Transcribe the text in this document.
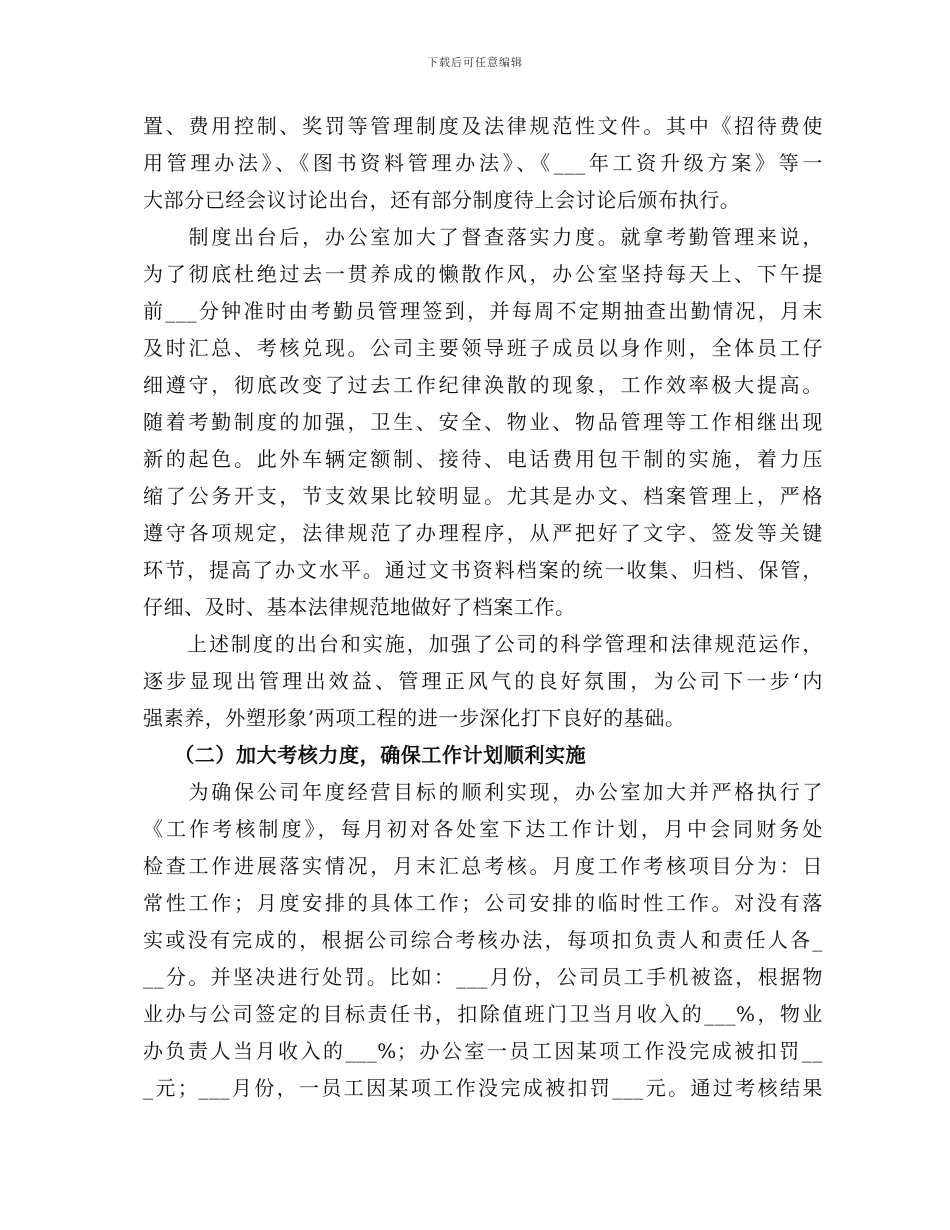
下载后可任意编辑
置、费用控制、奖罚等管理制度及法律规范性文件。其中《招待费使
用管理办法》、《图书资料管理办法》、《___年工资升级方案》等一
大部分已经会议讨论出台，还有部分制度待上会讨论后颁布执行。
　　制度出台后，办公室加大了督查落实力度。就拿考勤管理来说，
为了彻底杜绝过去一贯养成的懒散作风，办公室坚持每天上、下午提
前___分钟准时由考勤员管理签到，并每周不定期抽查出勤情况，月末
及时汇总、考核兑现。公司主要领导班子成员以身作则，全体员工仔
细遵守，彻底改变了过去工作纪律涣散的现象，工作效率极大提高。
随着考勤制度的加强，卫生、安全、物业、物品管理等工作相继出现
新的起色。此外车辆定额制、接待、电话费用包干制的实施，着力压
缩了公务开支，节支效果比较明显。尤其是办文、档案管理上，严格
遵守各项规定，法律规范了办理程序，从严把好了文字、签发等关键
环节，提高了办文水平。通过文书资料档案的统一收集、归档、保管，
仔细、及时、基本法律规范地做好了档案工作。
　　上述制度的出台和实施，加强了公司的科学管理和法律规范运作，
逐步显现出管理出效益、管理正风气的良好氛围，为公司下一步‘内
强素养，外塑形象’两项工程的进一步深化打下良好的基础。
　　（二）加大考核力度，确保工作计划顺利实施
　　为确保公司年度经营目标的顺利实现，办公室加大并严格执行了
《工作考核制度》，每月初对各处室下达工作计划，月中会同财务处
检查工作进展落实情况，月末汇总考核。月度工作考核项目分为：日
常性工作；月度安排的具体工作；公司安排的临时性工作。对没有落
实或没有完成的，根据公司综合考核办法，每项扣负责人和责任人各_
__分。并坚决进行处罚。比如：___月份，公司员工手机被盗，根据物
业办与公司签定的目标责任书，扣除值班门卫当月收入的___%，物业
办负责人当月收入的___%；办公室一员工因某项工作没完成被扣罚__
_元；___月份，一员工因某项工作没完成被扣罚___元。通过考核结果
